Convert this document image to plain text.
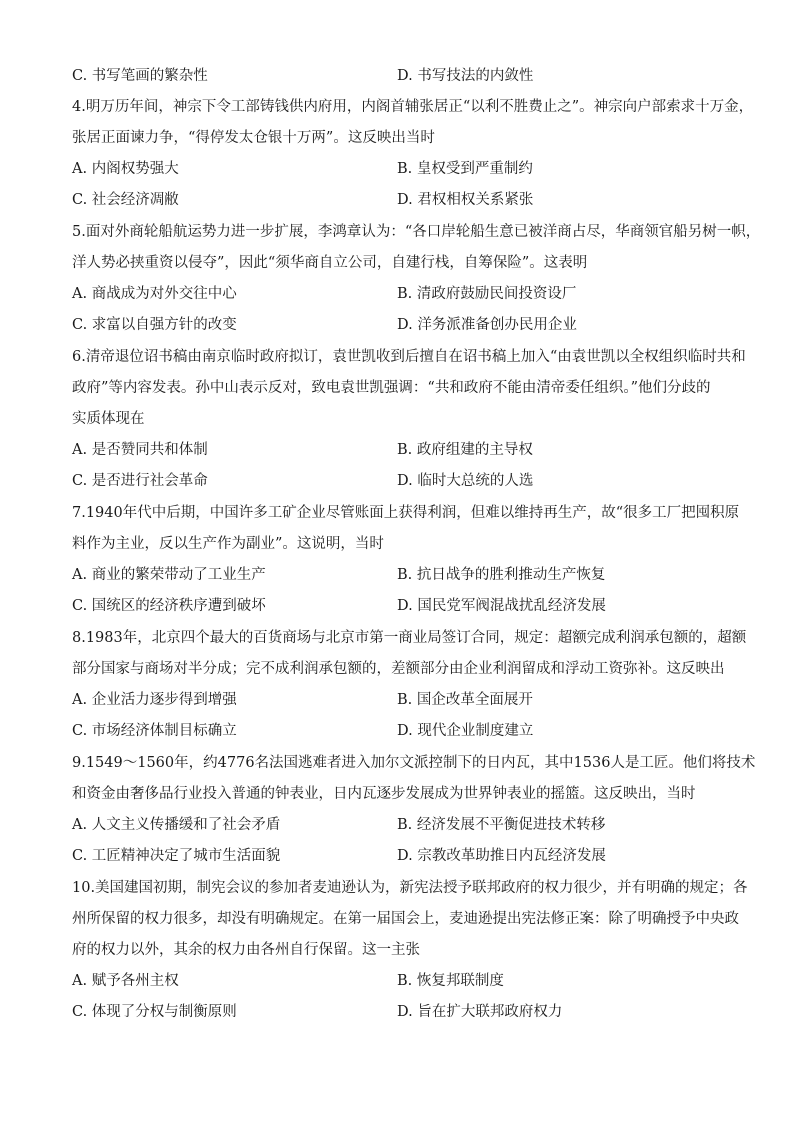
C. 书写笔画的繁杂性	D. 书写技法的内敛性
4.明万历年间，神宗下令工部铸钱供内府用，内阁首辅张居正“以利不胜费止之”。神宗向户部索求十万金，
张居正面谏力争，“得停发太仓银十万两”。这反映出当时
A. 内阁权势强大	B. 皇权受到严重制约
C. 社会经济凋敝	D. 君权相权关系紧张
5.面对外商轮船航运势力进一步扩展，李鸿章认为：“各口岸轮船生意已被洋商占尽，华商领官船另树一帜，
洋人势必挟重资以侵夺”，因此“须华商自立公司，自建行栈，自筹保险”。这表明
A. 商战成为对外交往中心	B. 清政府鼓励民间投资设厂
C. 求富以自强方针的改变	D. 洋务派准备创办民用企业
6.清帝退位诏书稿由南京临时政府拟订，袁世凯收到后擅自在诏书稿上加入“由袁世凯以全权组织临时共和
政府”等内容发表。孙中山表示反对，致电袁世凯强调：“共和政府不能由清帝委任组织。”他们分歧的
实质体现在
A. 是否赞同共和体制	B. 政府组建的主导权
C. 是否进行社会革命	D. 临时大总统的人选
7.1940年代中后期，中国许多工矿企业尽管账面上获得利润，但难以维持再生产，故“很多工厂把囤积原
料作为主业，反以生产作为副业”。这说明，当时
A. 商业的繁荣带动了工业生产	B. 抗日战争的胜利推动生产恢复
C. 国统区的经济秩序遭到破坏	D. 国民党军阀混战扰乱经济发展
8.1983年，北京四个最大的百货商场与北京市第一商业局签订合同，规定：超额完成利润承包额的，超额
部分国家与商场对半分成；完不成利润承包额的，差额部分由企业利润留成和浮动工资弥补。这反映出
A. 企业活力逐步得到增强	B. 国企改革全面展开
C. 市场经济体制目标确立	D. 现代企业制度建立
9.1549～1560年，约4776名法国逃难者进入加尔文派控制下的日内瓦，其中1536人是工匠。他们将技术
和资金由奢侈品行业投入普通的钟表业，日内瓦逐步发展成为世界钟表业的摇篮。这反映出，当时
A. 人文主义传播缓和了社会矛盾	B. 经济发展不平衡促进技术转移
C. 工匠精神决定了城市生活面貌	D. 宗教改革助推日内瓦经济发展
10.美国建国初期，制宪会议的参加者麦迪逊认为，新宪法授予联邦政府的权力很少，并有明确的规定；各
州所保留的权力很多，却没有明确规定。在第一届国会上，麦迪逊提出宪法修正案：除了明确授予中央政
府的权力以外，其余的权力由各州自行保留。这一主张
A. 赋予各州主权	B. 恢复邦联制度
C. 体现了分权与制衡原则	D. 旨在扩大联邦政府权力
